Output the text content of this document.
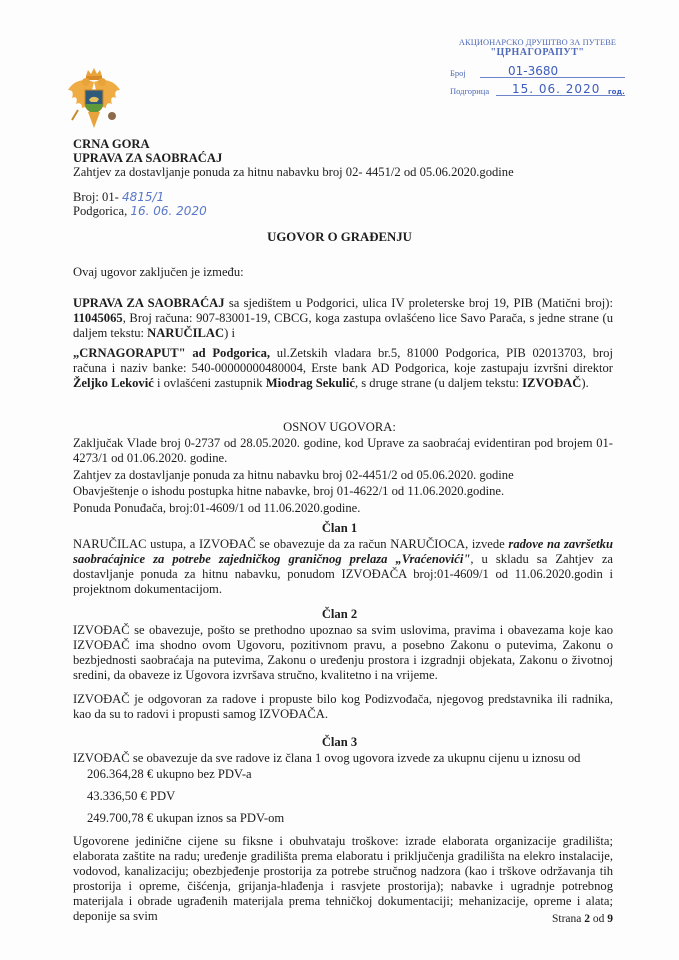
АКЦИОНАРСКО ДРУШТВО ЗА ПУТЕВЕ
"ЦРНАГОРАПУТ"
Број	01-3680
Подгорица 15. 06. 2020 год.
CRNA GORA
UPRAVA ZA SAOBRAĆAJ
Zahtjev za dostavljanje ponuda za hitnu nabavku broj 02- 4451/2 od 05.06.2020.godine
Broj: 01- 4815/1
Podgorica, 16. 06. 2020
UGOVOR O GRAĐENJU
Ovaj ugovor zaključen je između:
UPRAVA ZA SAOBRAĆAJ sa sjedištem u Podgorici, ulica IV proleterske broj 19, PIB (Matični broj): 11045065, Broj računa: 907-83001-19, CBCG, koga zastupa ovlašćeno lice Savo Parača, s jedne strane (u daljem tekstu: NARUČILAC) i
„CRNAGORAPUT" ad Podgorica, ul.Zetskih vladara br.5, 81000 Podgorica, PIB 02013703, broj računa i naziv banke: 540-00000000480004, Erste bank AD Podgorica, koje zastupaju izvršni direktor Željko Leković i ovlašćeni zastupnik Miodrag Sekulić, s druge strane (u daljem tekstu: IZVOĐAČ).
OSNOV UGOVORA:
Zaključak Vlade broj 0-2737 od 28.05.2020. godine, kod Uprave za saobraćaj evidentiran pod brojem 01-4273/1 od 01.06.2020. godine.
Zahtjev za dostavljanje ponuda za hitnu nabavku broj 02-4451/2 od 05.06.2020. godine
Obavještenje o ishodu postupka hitne nabavke, broj 01-4622/1 od 11.06.2020.godine.
Ponuda Ponuđača, broj:01-4609/1 od 11.06.2020.godine.
Član 1
NARUČILAC ustupa, a IZVOĐAČ se obavezuje da za račun NARUČIOCA, izvede radove na završetku saobraćajnice za potrebe zajedničkog graničnog prelaza „Vraćenovići", u skladu sa Zahtjev za dostavljanje ponuda za hitnu nabavku, ponudom IZVOĐAČA broj:01-4609/1 od 11.06.2020.godin i projektnom dokumentacijom.
Član 2
IZVOĐAČ se obavezuje, pošto se prethodno upoznao sa svim uslovima, pravima i obavezama koje kao IZVOĐAČ ima shodno ovom Ugovoru, pozitivnom pravu, a posebno Zakonu o putevima, Zakonu o bezbjednosti saobraćaja na putevima, Zakonu o uređenju prostora i izgradnji objekata, Zakonu o životnoj sredini, da obaveze iz Ugovora izvršava stručno, kvalitetno i na vrijeme.
IZVOĐAČ je odgovoran za radove i propuste bilo kog Podizvođača, njegovog predstavnika ili radnika, kao da su to radovi i propusti samog IZVOĐAČA.
Član 3
IZVOĐAČ se obavezuje da sve radove iz člana 1 ovog ugovora izvede za ukupnu cijenu u iznosu od
206.364,28 € ukupno bez PDV-a
43.336,50 € PDV
249.700,78 € ukupan iznos sa PDV-om
Ugovorene jedinične cijene su fiksne i obuhvataju troškove: izrade elaborata organizacije gradilišta; elaborata zaštite na radu; uređenje gradilišta prema elaboratu i priključenja gradilišta na elekro instalacije, vodovod, kanalizaciju; obezbjeđenje prostorija za potrebe stručnog nadzora (kao i trškove održavanja tih prostorija i opreme, čišćenja, grijanja-hlađenja i rasvjete prostorija); nabavke i ugradnje potrebnog materijala i obrade ugrađenih materijala prema tehničkoj dokumentaciji; mehanizacije, opreme i alata; deponije sa svim	Strana 2 od 9
